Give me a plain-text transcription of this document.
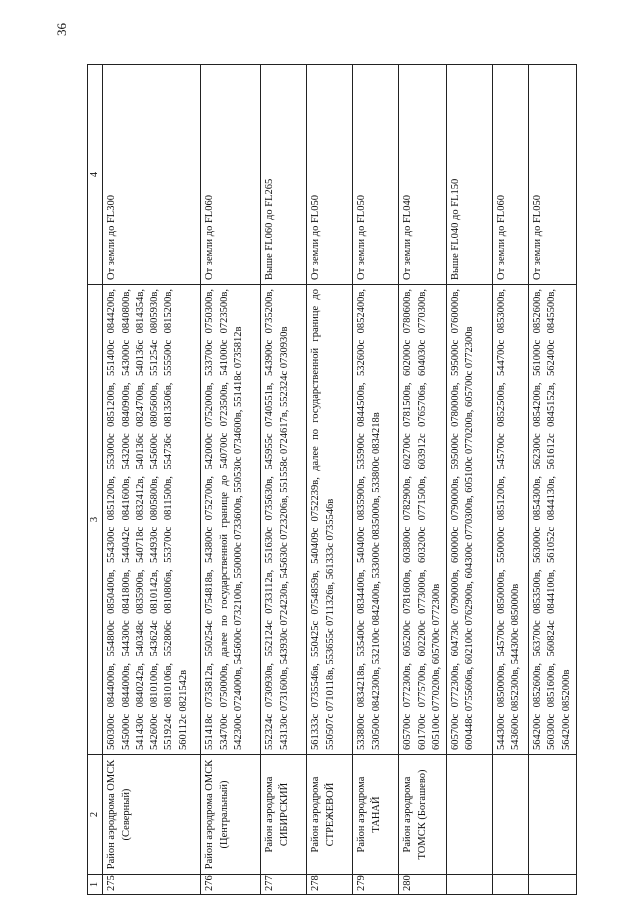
36
1	2	3	4
275	Район аэродрома ОМСК (Северный)	560300с 0844000в, 554800с 0850400в, 554300с 0851200в, 553000с 0851200в, 551400с 0844200в, 545000с 0844000в, 544300с 0841800в, 544042с 0841600в, 543200с 0840900в, 543000с 0840800в, 541430с 0840242в, 540348с 0835900в, 540718с 0832412в, 540136с 0824700в, 540136с 0814354в, 542600с 0810100в, 543624с 0810142в, 544930с 0805800в, 545600с 0805600в, 551254с 0805930в, 551924с 0810106в, 552806с 0810806в, 553700с 0811500в, 554736с 0813506в, 555500с 0815200в, 560112с 0821542в	От земли до FL300
276	Район аэродрома ОМСК (Центральный)	551418с 0735812в, 550254с 0754818в, 543800с 0752700в, 542000с 0752000в, 533700с 0750300в, 534700с 0750000в, далее по государственной границе до 540700с 0723500в, 541000с 0723500в, 542300с 0724000в, 545600с 0732100в, 550000с 0733600в, 550530с 0734600в, 551418с 0735812в	От земли до FL060
277	Район аэродрома СИБИРСКИЙ	552324с 0730930в, 552124с 0733112в, 551630с 0735630в, 545955с 0740551в, 543900с 0735200в, 543130с 0731600в, 543930с 0724230в, 545630с 0723206в, 551558с 0724617в, 552324с 0730930в	Выше FL060 до FL265
278	Район аэродрома СТРЕЖЕВОЙ	561333с 0735546в, 550425с 0754859в, 540409с 0752239в, далее по государственной границе до 550507с 0710118в, 553655с 0711326в, 561333с 0735546в	От земли до FL050
279	Район аэродрома ТАНАЙ	533800с 0834218в, 535400с 0834400в, 540400с 0835900в, 535900с 0844500в, 532600с 0852400в, 530500с 0842300в, 532100с 0842400в, 533000с 0835000в, 533800с 0834218в	От земли до FL050
280	Район аэродрома ТОМСК (Богашево)	605700с 0772300в, 605200с 0781600в, 603800с 0782900в, 602700с 0781500в, 602000с 0780600в, 601700с 0775700в, 602200с 0773000в, 603200с 0771500в, 603912с 0765706в, 604030с 0770300в, 605100с 0770200в, 605700с 0772300в	От земли до FL040
		605700с 0772300в, 604730с 0790000в, 600000с 0790000в, 595000с 0780000в, 595000с 0760000в, 600448с 0755606в, 602100с 0762900в, 604300с 0770300в, 605100с 0770200в, 605700с 0772300в	Выше FL040 до FL150
		544300с 0850000в, 545700с 0850000в, 550000с 0851200в, 545700с 0852500в, 544700с 0853000в, 543600с 0852300в, 544300с 0850000в	От земли до FL060
		564200с 0852600в, 563700с 0853500в, 563000с 0854300в, 562300с 0854200в, 561000с 0852600в, 560300с 0851600в, 560824с 0844100в, 561052с 0844130в, 561612с 0845152в, 562400с 0845500в, 564200с 0852000в	От земли до FL050
